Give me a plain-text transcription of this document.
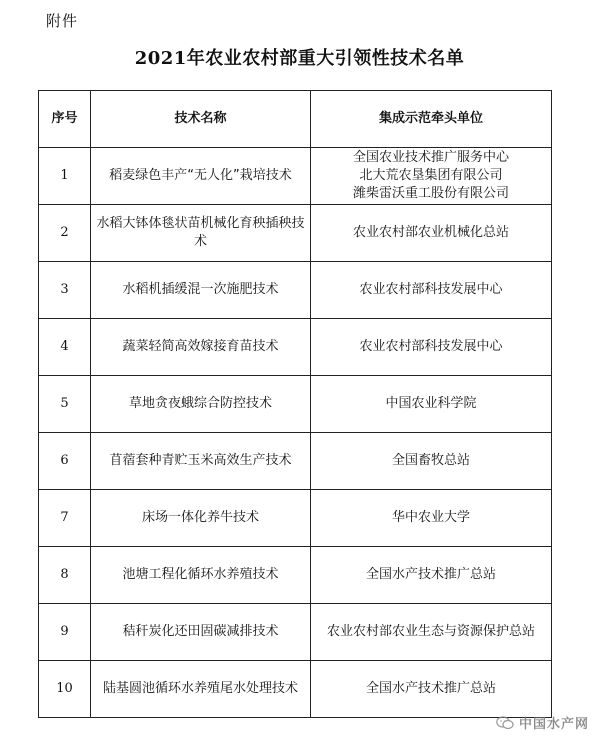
附件
2021年农业农村部重大引领性技术名单
序号	技术名称	集成示范牵头单位
1	稻麦绿色丰产“无人化”栽培技术	全国农业技术推广服务中心
北大荒农垦集团有限公司
潍柴雷沃重工股份有限公司

2	水稻大钵体毯状苗机械化育秧插秧技术	农业农村部农业机械化总站

3	水稻机插缓混一次施肥技术	农业农村部科技发展中心

4	蔬菜轻简高效嫁接育苗技术	农业农村部科技发展中心

5	草地贪夜蛾综合防控技术	中国农业科学院

6	苜蓿套种青贮玉米高效生产技术	全国畜牧总站

7	床场一体化养牛技术	华中农业大学

8	池塘工程化循环水养殖技术	全国水产技术推广总站

9	秸秆炭化还田固碳减排技术	农业农村部农业生态与资源保护总站

10	陆基圆池循环水养殖尾水处理技术	全国水产技术推广总站
中国水产网
